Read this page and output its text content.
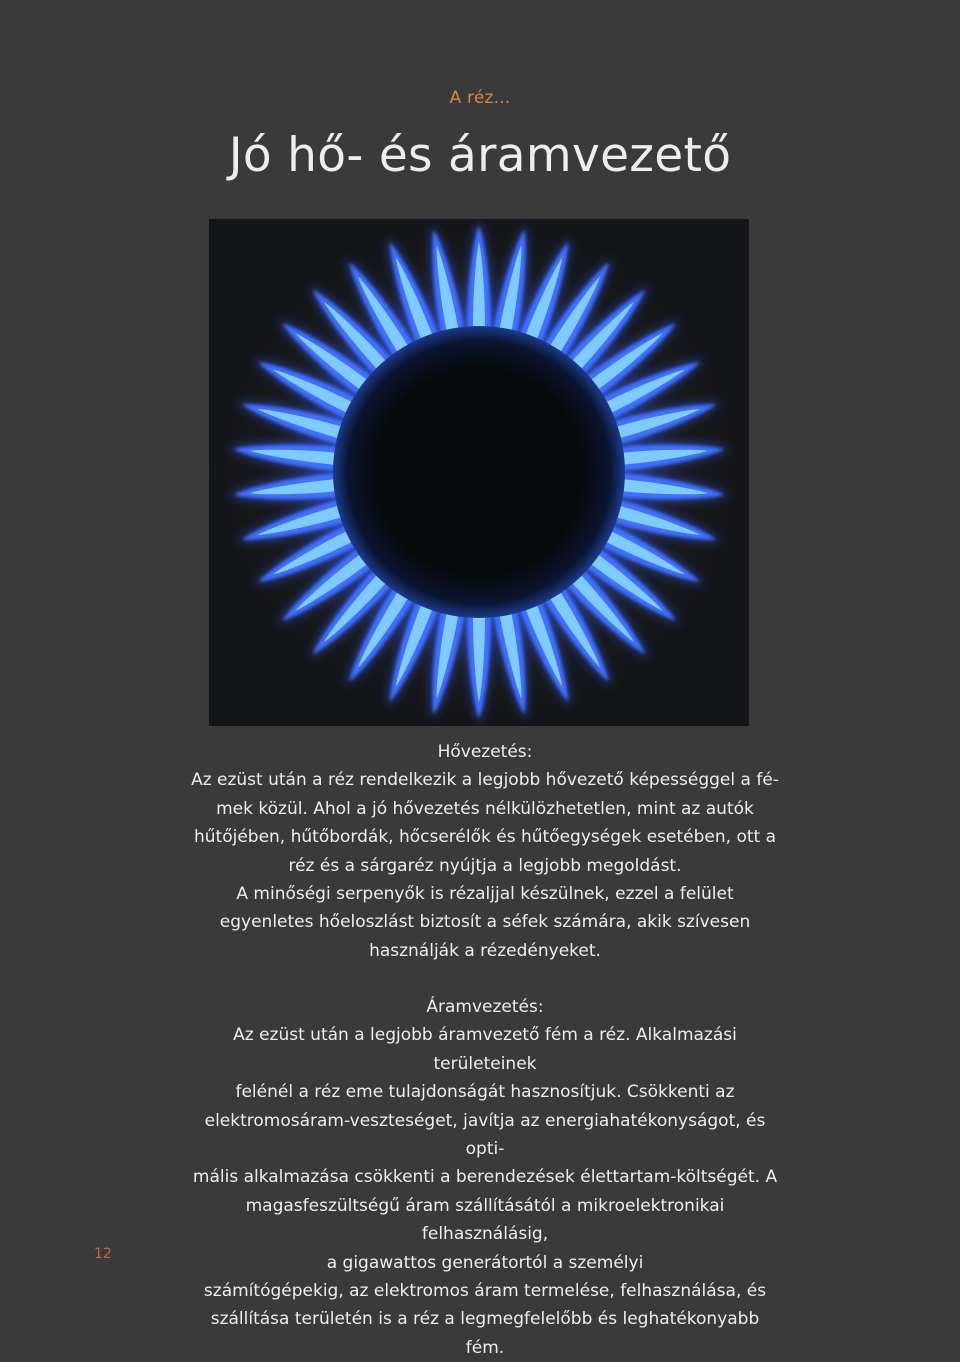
A réz...
Jó hő- és áramvezető

Hővezetés:

Az ezüst után a réz rendelkezik a legjobb hővezető képességgel a fé-

mek közül. Ahol a jó hővezetés nélkülözhetetlen, mint az autók

hűtőjében, hűtőbordák, hőcserélők és hűtőegységek esetében, ott a

réz és a sárgaréz nyújtja a legjobb megoldást.

A minőségi serpenyők is rézaljjal készülnek, ezzel a felület

egyenletes hőeloszlást biztosít a séfek számára, akik szívesen

használják a rézedényeket.

Áramvezetés:

Az ezüst után a legjobb áramvezető fém a réz. Alkalmazási területeinek

felénél a réz eme tulajdonságát hasznosítjuk. Csökkenti az

elektromosáram-veszteséget, javítja az energiahatékonyságot, és opti-

mális alkalmazása csökkenti a berendezések élettartam-költségét. A

magasfeszültségű áram szállításától a mikroelektronikai felhasználásig,

a gigawattos generátortól a személyi

számítógépekig, az elektromos áram termelése, felhasználása, és

szállítása területén is a réz a legmegfelelőbb és leghatékonyabb fém.

12
